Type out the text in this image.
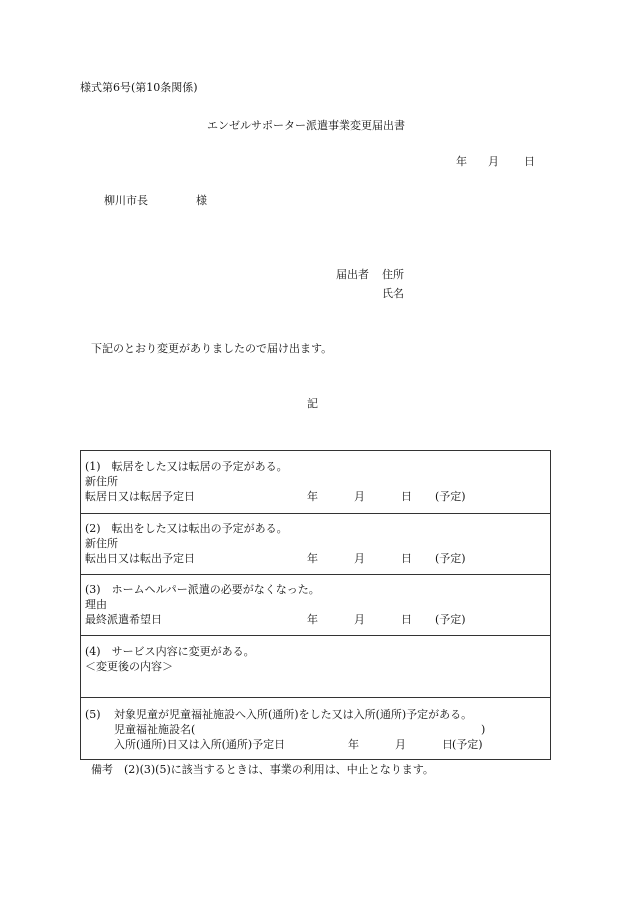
様式第6号(第10条関係)
エンゼルサポーター派遣事業変更届出書
年 月 日
柳川市長	様
届出者 住所
氏名
下記のとおり変更がありましたので届け出ます。
記
(1)　転居をした又は転居の予定がある。
新住所
転居日又は転居予定日	年	月	日 (予定)
(2)　転出をした又は転出の予定がある。
新住所
転出日又は転出予定日	年	月	日 (予定)
(3)　ホームヘルパー派遣の必要がなくなった。
理由
最終派遣希望日	年	月	日 (予定)
(4)　サービス内容に変更がある。
＜変更後の内容＞
(5) 対象児童が児童福祉施設へ入所(通所)をした又は入所(通所)予定がある。
児童福祉施設名(	)
入所(通所)日又は入所(通所)予定日	年	月	日 (予定)
備考　(2)(3)(5)に該当するときは、事業の利用は、中止となります。
